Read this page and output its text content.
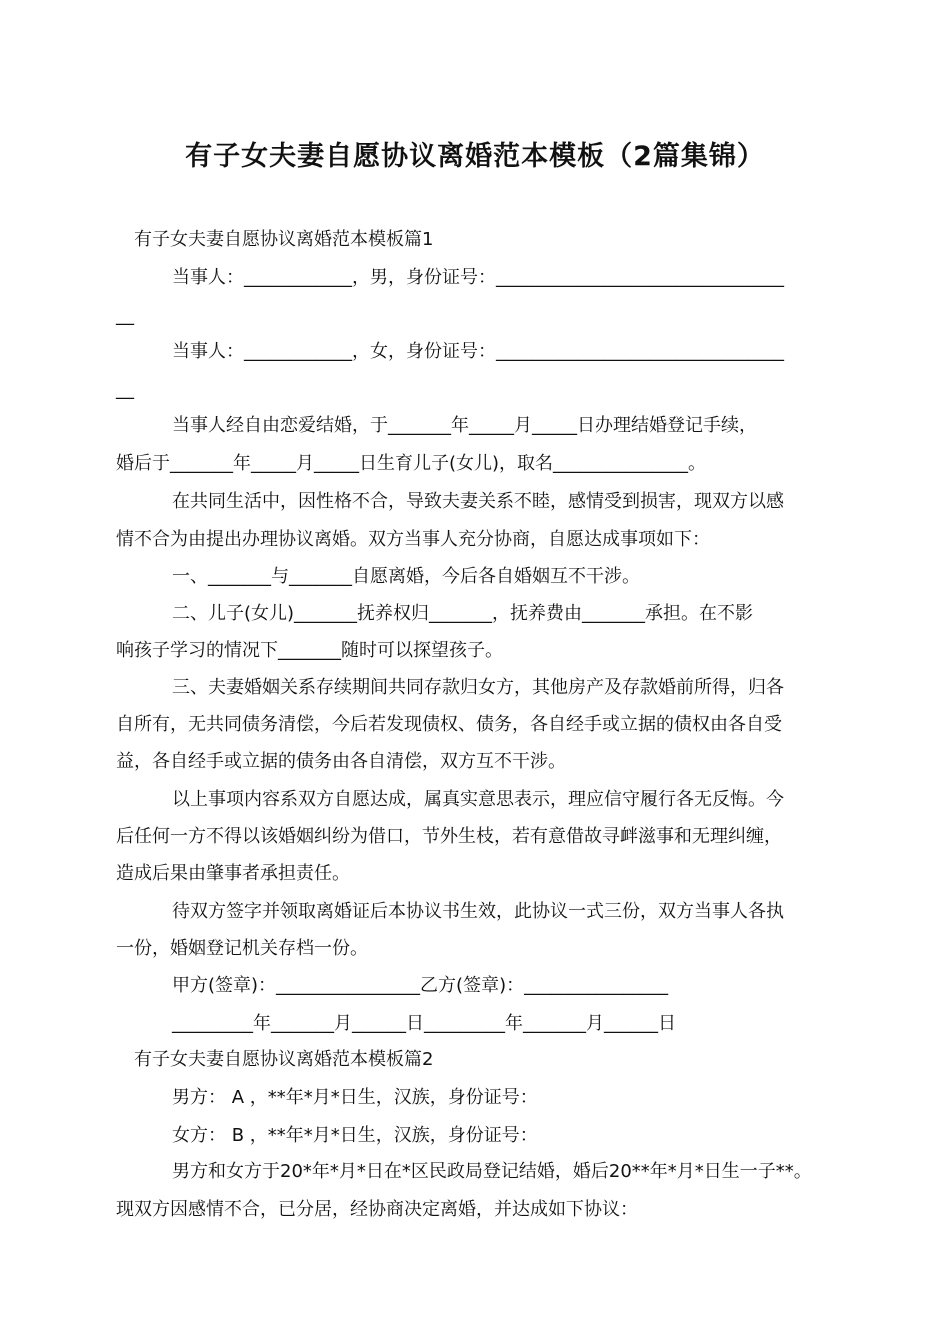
有子女夫妻自愿协议离婚范本模板（2篇集锦）

有子女夫妻自愿协议离婚范本模板篇1

当事人：____________，男，身份证号：________________________________

__

当事人：____________，女，身份证号：________________________________

__

当事人经自由恋爱结婚，于_______年_____月_____日办理结婚登记手续，

婚后于_______年_____月_____日生育儿子(女儿)，取名_______________。

在共同生活中，因性格不合，导致夫妻关系不睦，感情受到损害，现双方以感

情不合为由提出办理协议离婚。双方当事人充分协商，自愿达成事项如下：

一、_______与_______自愿离婚，今后各自婚姻互不干涉。

二、儿子(女儿)_______抚养权归_______，抚养费由_______承担。在不影

响孩子学习的情况下_______随时可以探望孩子。

三、夫妻婚姻关系存续期间共同存款归女方，其他房产及存款婚前所得，归各

自所有，无共同债务清偿，今后若发现债权、债务，各自经手或立据的债权由各自受

益，各自经手或立据的债务由各自清偿，双方互不干涉。

以上事项内容系双方自愿达成，属真实意思表示，理应信守履行各无反悔。今

后任何一方不得以该婚姻纠纷为借口，节外生枝，若有意借故寻衅滋事和无理纠缠，

造成后果由肇事者承担责任。

待双方签字并领取离婚证后本协议书生效，此协议一式三份，双方当事人各执

一份，婚姻登记机关存档一份。

甲方(签章)：________________乙方(签章)：________________

_________年_______月______日_________年_______月______日

有子女夫妻自愿协议离婚范本模板篇2

男方： A ，**年*月*日生，汉族，身份证号：

女方： B ，**年*月*日生，汉族，身份证号：

男方和女方于20*年*月*日在*区民政局登记结婚，婚后20**年*月*日生一子**。

现双方因感情不合，已分居，经协商决定离婚，并达成如下协议：
